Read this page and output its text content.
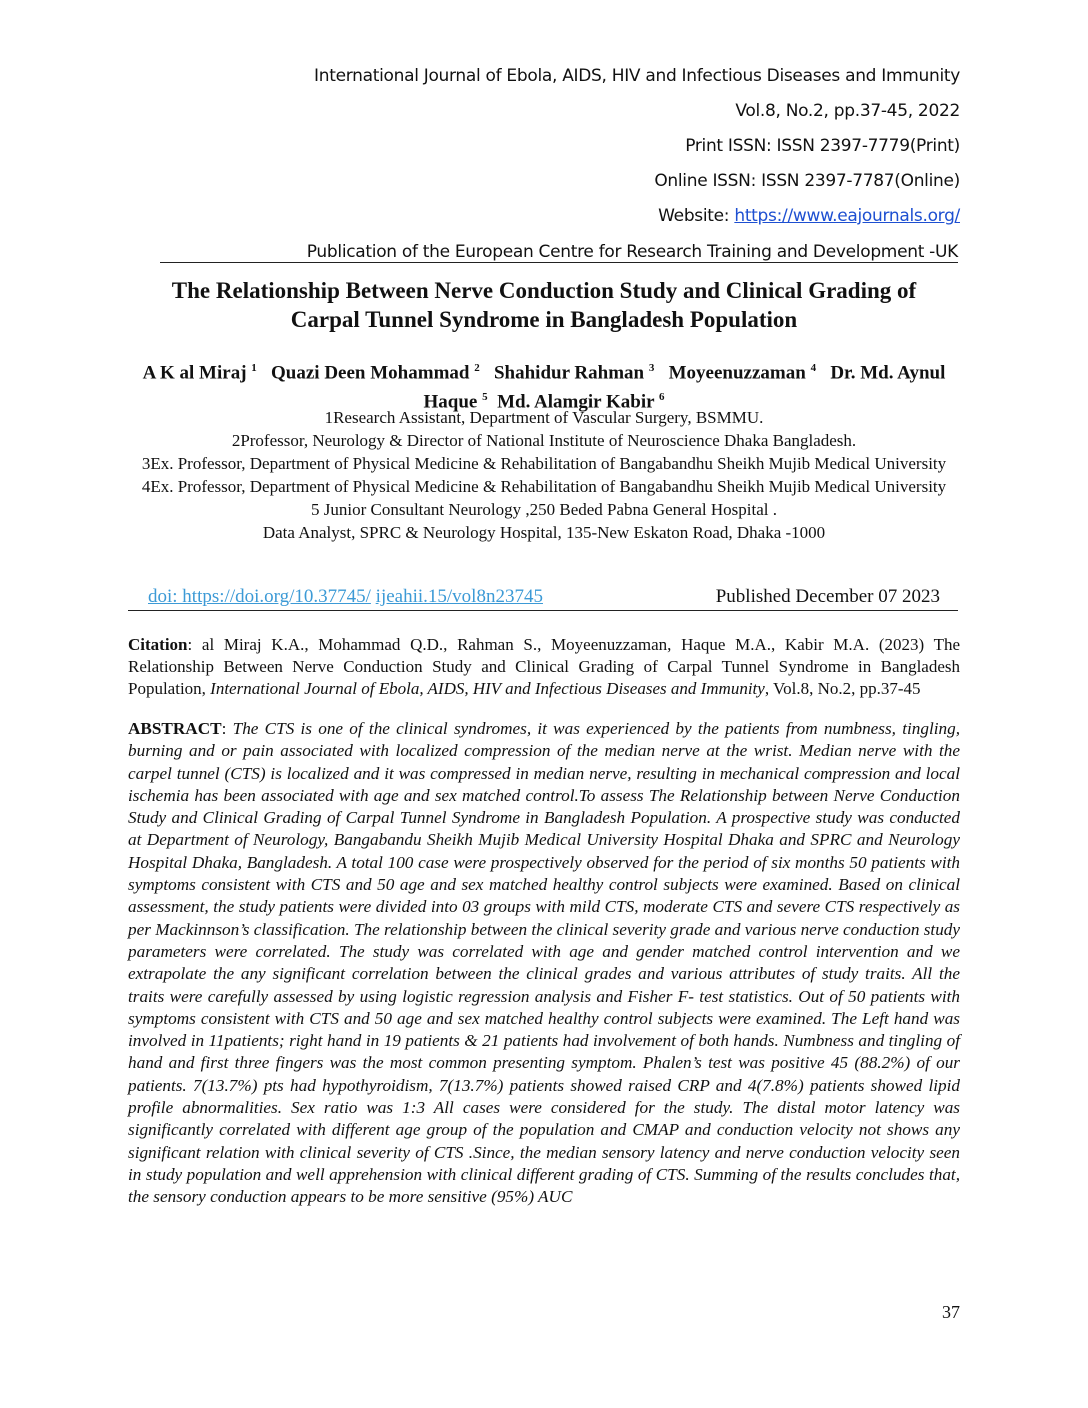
International Journal of Ebola, AIDS, HIV and Infectious Diseases and Immunity
Vol.8, No.2, pp.37-45, 2022
Print ISSN: ISSN 2397-7779(Print)
Online ISSN: ISSN 2397-7787(Online)
Website: https://www.eajournals.org/
Publication of the European Centre for Research Training and Development -UK
The Relationship Between Nerve Conduction Study and Clinical Grading of
Carpal Tunnel Syndrome in Bangladesh Population
A K al Miraj $^1$ Quazi Deen Mohammad $^2$ Shahidur Rahman $^3$ Moyeenuzzaman $^4$ Dr. Md. Aynul Haque $^5$ Md. Alamgir Kabir $^6$
1Research Assistant, Department of Vascular Surgery, BSMMU.
2Professor, Neurology & Director of National Institute of Neuroscience Dhaka Bangladesh.
3Ex. Professor, Department of Physical Medicine & Rehabilitation of Bangabandhu Sheikh Mujib Medical University
4Ex. Professor, Department of Physical Medicine & Rehabilitation of Bangabandhu Sheikh Mujib Medical University
5 Junior Consultant Neurology ,250 Beded Pabna General Hospital .
Data Analyst, SPRC & Neurology Hospital, 135-New Eskaton Road, Dhaka -1000
doi: https://doi.org/10.37745/ ijeahii.15/vol8n23745	Published December 07 2023
Citation: al Miraj K.A., Mohammad Q.D., Rahman S., Moyeenuzzaman, Haque M.A., Kabir M.A. (2023) The Relationship Between Nerve Conduction Study and Clinical Grading of Carpal Tunnel Syndrome in Bangladesh Population, International Journal of Ebola, AIDS, HIV and Infectious Diseases and Immunity, Vol.8, No.2, pp.37-45
ABSTRACT: The CTS is one of the clinical syndromes, it was experienced by the patients from numbness, tingling, burning and or pain associated with localized compression of the median nerve at the wrist. Median nerve with the carpel tunnel (CTS) is localized and it was compressed in median nerve, resulting in mechanical compression and local ischemia has been associated with age and sex matched control.To assess The Relationship between Nerve Conduction Study and Clinical Grading of Carpal Tunnel Syndrome in Bangladesh Population. A prospective study was conducted at Department of Neurology, Bangabandu Sheikh Mujib Medical University Hospital Dhaka and SPRC and Neurology Hospital Dhaka, Bangladesh. A total 100 case were prospectively observed for the period of six months 50 patients with symptoms consistent with CTS and 50 age and sex matched healthy control subjects were examined. Based on clinical assessment, the study patients were divided into 03 groups with mild CTS, moderate CTS and severe CTS respectively as per Mackinnson’s classification. The relationship between the clinical severity grade and various nerve conduction study parameters were correlated. The study was correlated with age and gender matched control intervention and we extrapolate the any significant correlation between the clinical grades and various attributes of study traits. All the traits were carefully assessed by using logistic regression analysis and Fisher F- test statistics. Out of 50 patients with symptoms consistent with CTS and 50 age and sex matched healthy control subjects were examined. The Left hand was involved in 11patients; right hand in 19 patients & 21 patients had involvement of both hands. Numbness and tingling of hand and first three fingers was the most common presenting symptom. Phalen’s test was positive 45 (88.2%) of our patients. 7(13.7%) pts had hypothyroidism, 7(13.7%) patients showed raised CRP and 4(7.8%) patients showed lipid profile abnormalities. Sex ratio was 1:3 All cases were considered for the study. The distal motor latency was significantly correlated with different age group of the population and CMAP and conduction velocity not shows any significant relation with clinical severity of CTS .Since, the median sensory latency and nerve conduction velocity seen in study population and well apprehension with clinical different grading of CTS. Summing of the results concludes that, the sensory conduction appears to be more sensitive (95%) AUC
37
